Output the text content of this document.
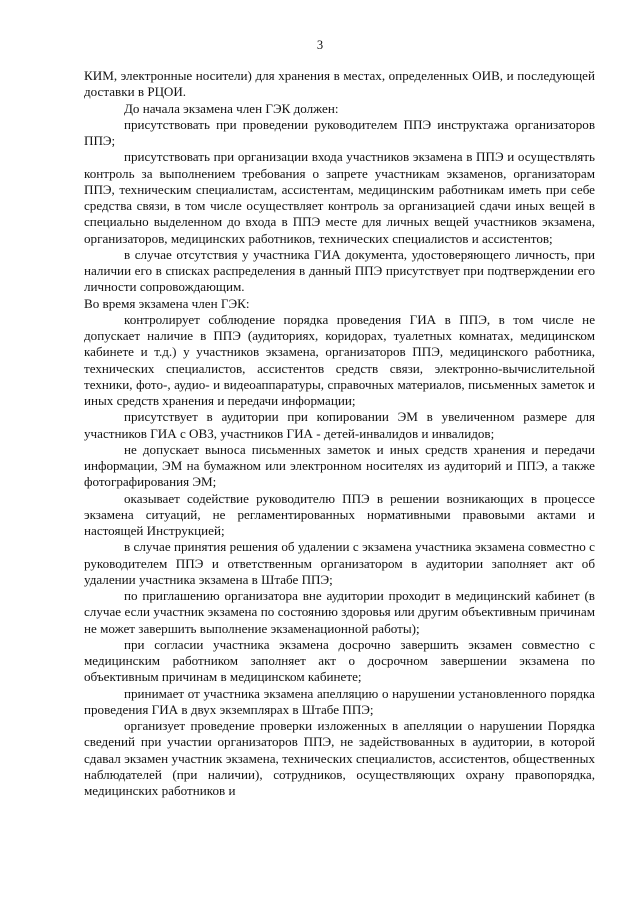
3

КИМ, электронные носители) для хранения в местах, определенных ОИВ, и последующей доставки в РЦОИ.

До начала экзамена член ГЭК должен:

присутствовать при проведении руководителем ППЭ инструктажа организаторов ППЭ;

присутствовать при организации входа участников экзамена в ППЭ и осуществлять контроль за выполнением требования о запрете участникам экзаменов, организаторам ППЭ, техническим специалистам, ассистентам, медицинским работникам иметь при себе средства связи, в том числе осуществляет контроль за организацией сдачи иных вещей в специально выделенном до входа в ППЭ месте для личных вещей участников экзамена, организаторов, медицинских работников, технических специалистов и ассистентов;

в случае отсутствия у участника ГИА документа, удостоверяющего личность, при наличии его в списках распределения в данный ППЭ присутствует при подтверждении его личности сопровождающим.

Во время экзамена член ГЭК:

контролирует соблюдение порядка проведения ГИА в ППЭ, в том числе не допускает наличие в ППЭ (аудиториях, коридорах, туалетных комнатах, медицинском кабинете и т.д.) у участников экзамена, организаторов ППЭ, медицинского работника, технических специалистов, ассистентов средств связи, электронно-вычислительной техники, фото-, аудио- и видеоаппаратуры, справочных материалов, письменных заметок и иных средств хранения и передачи информации;

присутствует в аудитории при копировании ЭМ в увеличенном размере для участников ГИА с ОВЗ, участников ГИА - детей-инвалидов и инвалидов;

не допускает выноса письменных заметок и иных средств хранения и передачи информации, ЭМ на бумажном или электронном носителях из аудиторий и ППЭ, а также фотографирования ЭМ;

оказывает содействие руководителю ППЭ в решении возникающих в процессе экзамена ситуаций, не регламентированных нормативными правовыми актами и настоящей Инструкцией;

в случае принятия решения об удалении с экзамена участника экзамена совместно с руководителем ППЭ и ответственным организатором в аудитории заполняет акт об удалении участника экзамена в Штабе ППЭ;

по приглашению организатора вне аудитории проходит в медицинский кабинет (в случае если участник экзамена по состоянию здоровья или другим объективным причинам не может завершить выполнение экзаменационной работы);

при согласии участника экзамена досрочно завершить экзамен совместно с медицинским работником заполняет акт о досрочном завершении экзамена по объективным причинам в медицинском кабинете;

принимает от участника экзамена апелляцию о нарушении установленного порядка проведения ГИА в двух экземплярах в Штабе ППЭ;

организует проведение проверки изложенных в апелляции о нарушении Порядка сведений при участии организаторов ППЭ, не задействованных в аудитории, в которой сдавал экзамен участник экзамена, технических специалистов, ассистентов, общественных наблюдателей (при наличии), сотрудников, осуществляющих охрану правопорядка, медицинских работников и
